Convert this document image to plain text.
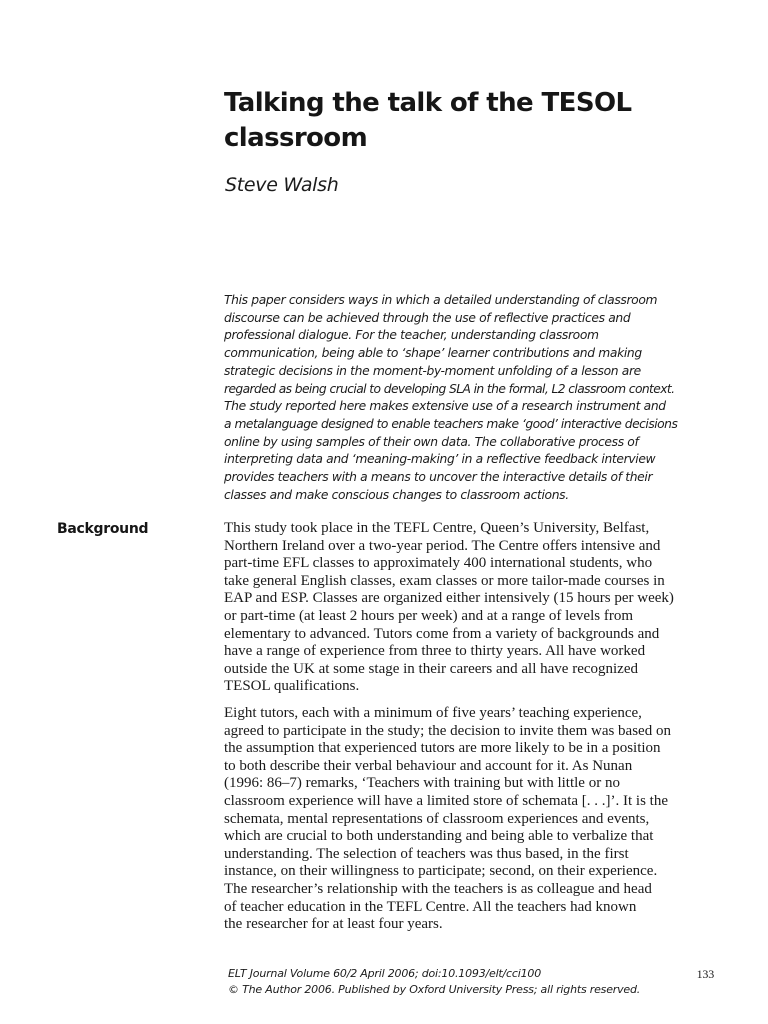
Talking the talk of the TESOL
classroom

Steve Walsh

This paper considers ways in which a detailed understanding of classroom
discourse can be achieved through the use of reflective practices and
professional dialogue. For the teacher, understanding classroom
communication, being able to ‘shape’ learner contributions and making
strategic decisions in the moment-by-moment unfolding of a lesson are
regarded as being crucial to developing SLA in the formal, L2 classroom context.
The study reported here makes extensive use of a research instrument and
a metalanguage designed to enable teachers make ‘good’ interactive decisions
online by using samples of their own data. The collaborative process of
interpreting data and ‘meaning-making’ in a reflective feedback interview
provides teachers with a means to uncover the interactive details of their
classes and make conscious changes to classroom actions.
Background	This study took place in the TEFL Centre, Queen’s University, Belfast,
Northern Ireland over a two-year period. The Centre offers intensive and
part-time EFL classes to approximately 400 international students, who
take general English classes, exam classes or more tailor-made courses in
EAP and ESP. Classes are organized either intensively (15 hours per week)
or part-time (at least 2 hours per week) and at a range of levels from
elementary to advanced. Tutors come from a variety of backgrounds and
have a range of experience from three to thirty years. All have worked
outside the UK at some stage in their careers and all have recognized
TESOL qualifications.
Eight tutors, each with a minimum of five years’ teaching experience,
agreed to participate in the study; the decision to invite them was based on
the assumption that experienced tutors are more likely to be in a position
to both describe their verbal behaviour and account for it. As Nunan
(1996: 86–7) remarks, ‘Teachers with training but with little or no
classroom experience will have a limited store of schemata [. . .]’. It is the
schemata, mental representations of classroom experiences and events,
which are crucial to both understanding and being able to verbalize that
understanding. The selection of teachers was thus based, in the first
instance, on their willingness to participate; second, on their experience.
The researcher’s relationship with the teachers is as colleague and head
of teacher education in the TEFL Centre. All the teachers had known
the researcher for at least four years.
ELT Journal Volume 60/2 April 2006; doi:10.1093/elt/cci100
© The Author 2006. Published by Oxford University Press; all rights reserved.
133
